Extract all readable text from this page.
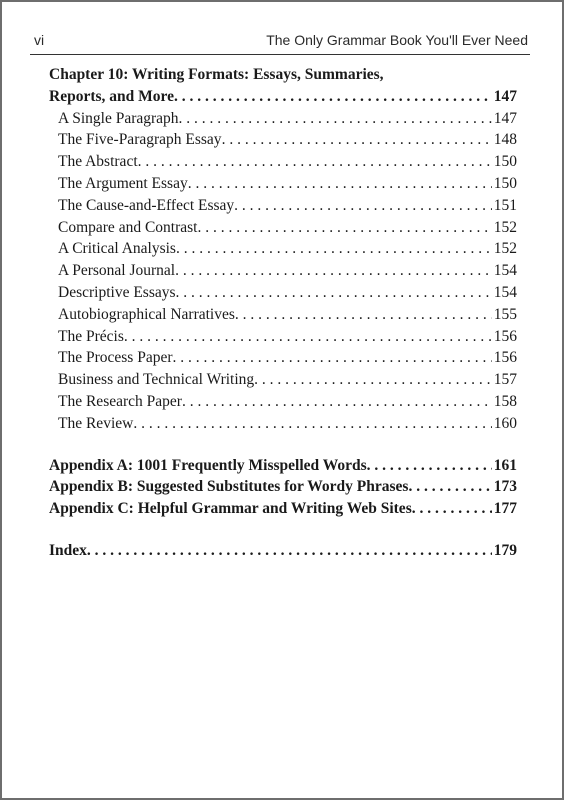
vi	The Only Grammar Book You'll Ever Need
Chapter 10: Writing Formats: Essays, Summaries,
Reports, and More . . .	147
A Single Paragraph . . .	147
The Five-Paragraph Essay . . .	148
The Abstract . . .	150
The Argument Essay . . .	150
The Cause-and-Effect Essay . . .	151
Compare and Contrast . . .	152
A Critical Analysis . . .	152
A Personal Journal . . .	154
Descriptive Essays . . .	154
Autobiographical Narratives . . .	155
The Précis . . .	156
The Process Paper . . .	156
Business and Technical Writing . . .	157
The Research Paper . . .	158
The Review . . .	160
Appendix A: 1001 Frequently Misspelled Words . . .	161
Appendix B: Suggested Substitutes for Wordy Phrases . . .	173
Appendix C: Helpful Grammar and Writing Web Sites . . .	177
Index . . .	179
